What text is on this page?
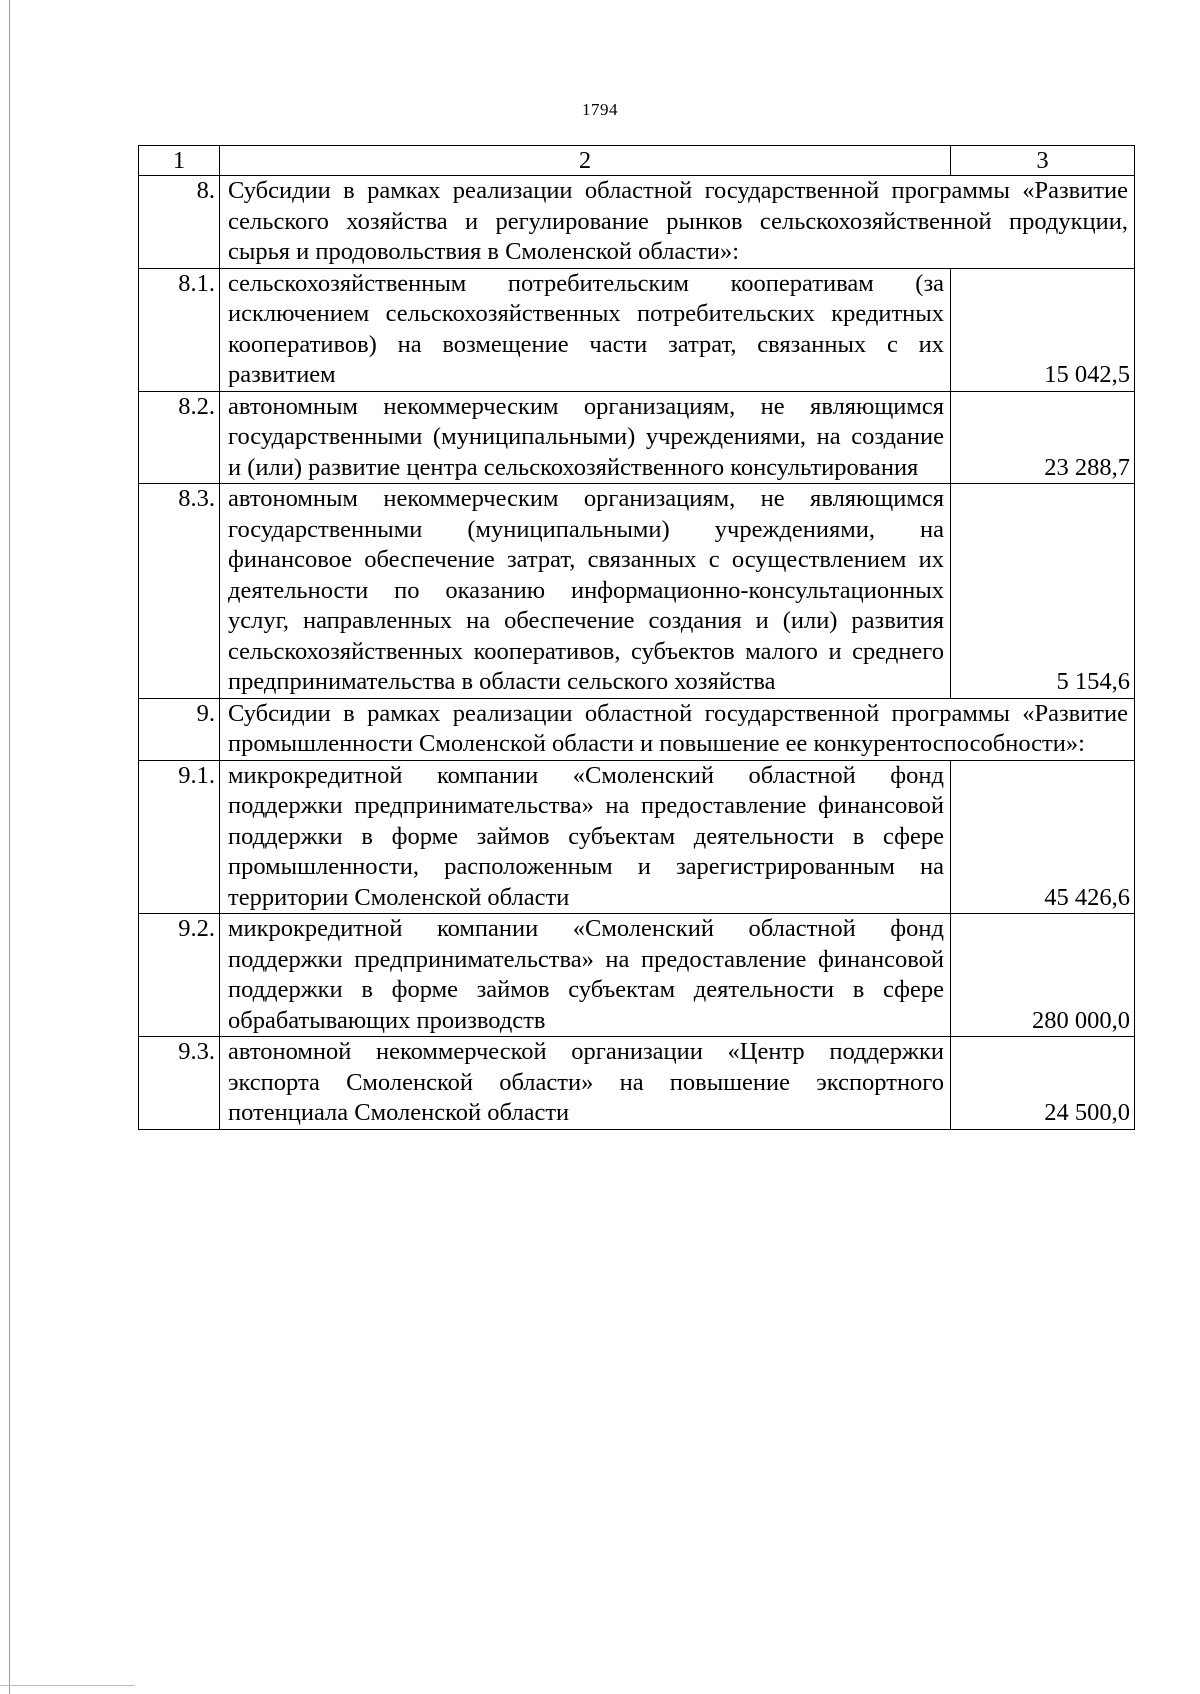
1794
1	2	3
8.	Субсидии в рамках реализации областной государственной программы «Развитие сельского хозяйства и регулирование рынков сельскохозяйственной продукции, сырья и продовольствия в Смоленской области»:	
8.1.	сельскохозяйственным потребительским кооперативам (за исключением сельскохозяйственных потребительских кредитных кооперативов) на возмещение части затрат, связанных с их развитием	15 042,5
8.2.	автономным некоммерческим организациям, не являющимся государственными (муниципальными) учреждениями, на создание и (или) развитие центра сельскохозяйственного консультирования	23 288,7
8.3.	автономным некоммерческим организациям, не являющимся государственными (муниципальными) учреждениями, на финансовое обеспечение затрат, связанных с осуществлением их деятельности по оказанию информационно-консультационных услуг, направленных на обеспечение создания и (или) развития сельскохозяйственных кооперативов, субъектов малого и среднего предпринимательства в области сельского хозяйства	5 154,6
9.	Субсидии в рамках реализации областной государственной программы «Развитие промышленности Смоленской области и повышение ее конкурентоспособности»:	
9.1.	микрокредитной компании «Смоленский областной фонд поддержки предпринимательства» на предоставление финансовой поддержки в форме займов субъектам деятельности в сфере промышленности, расположенным и зарегистрированным на территории Смоленской области	45 426,6
9.2.	микрокредитной компании «Смоленский областной фонд поддержки предпринимательства» на предоставление финансовой поддержки в форме займов субъектам деятельности в сфере обрабатывающих производств	280 000,0
9.3.	автономной некоммерческой организации «Центр поддержки экспорта Смоленской области» на повышение экспортного потенциала Смоленской области	24 500,0
